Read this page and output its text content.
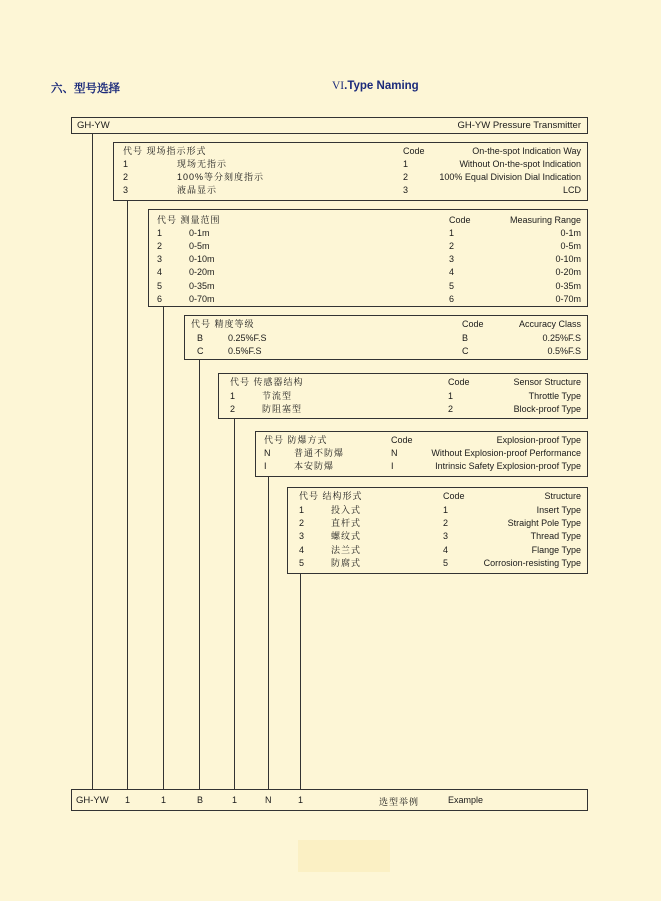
六、型号选择	VI.Type Naming
GH-YW	GH-YW Pressure Transmitter
代号 现场指示形式	Code	On-the-spot Indication Way
1	现场无指示	1	Without On-the-spot Indication
2	100%等分刻度指示	2	100% Equal Division Dial Indication
3	液晶显示	3	LCD
代号 测量范围	Code	Measuring Range
1	0-1m	1	0-1m
2	0-5m	2	0-5m
3	0-10m	3	0-10m
4	0-20m	4	0-20m
5	0-35m	5	0-35m
6	0-70m	6	0-70m
代号 精度等级	Code	Accuracy Class
B	0.25%F.S	B	0.25%F.S
C	0.5%F.S	C	0.5%F.S
代号 传感器结构	Code	Sensor Structure
1	节流型	1	Throttle Type
2	防阻塞型	2	Block-proof Type
代号 防爆方式	Code	Explosion-proof Type
N	普通不防爆	N	Without Explosion-proof Performance
I	本安防爆	I	Intrinsic Safety Explosion-proof Type
代号 结构形式	Code	Structure
1	投入式	1	Insert Type
2	直杆式	2	Straight Pole Type
3	螺纹式	3	Thread Type
4	法兰式	4	Flange Type
5	防腐式	5	Corrosion-resisting Type
GH-YW 1	1	B	1	N	1	选型举例	Example
